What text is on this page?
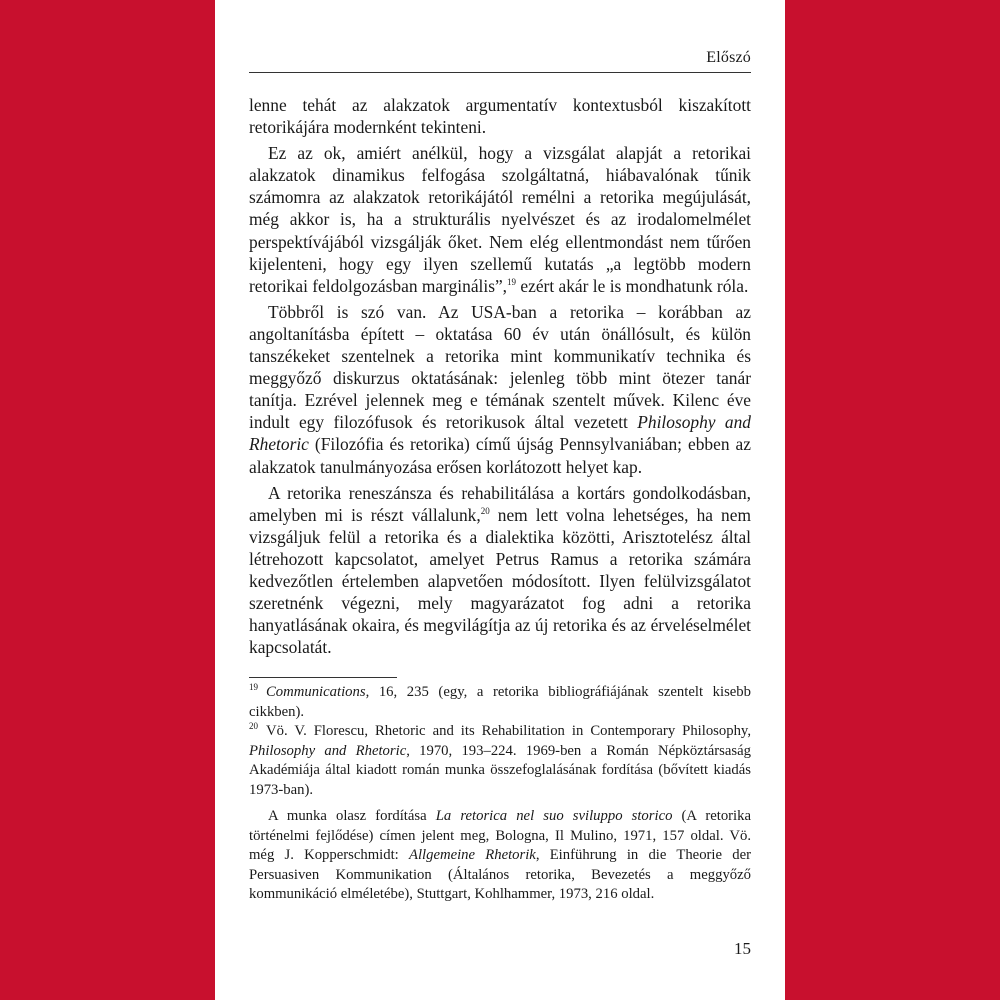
Előszó

lenne tehát az alakzatok argumentatív kontextusból kiszakított retorikájára modernként tekinteni.

Ez az ok, amiért anélkül, hogy a vizsgálat alapját a retorikai alakzatok dinamikus felfogása szolgáltatná, hiábavalónak tűnik számomra az alakzatok retorikájától remélni a retorika megújulását, még akkor is, ha a strukturális nyelvészet és az irodalomelmélet perspektívájából vizsgálják őket. Nem elég ellentmondást nem tűrően kijelenteni, hogy egy ilyen szellemű kutatás „a legtöbb modern retorikai feldolgozásban marginális”,$^{19}$ ezért akár le is mondhatunk róla.

Többről is szó van. Az USA-ban a retorika – korábban az angoltanításba épített – oktatása 60 év után önállósult, és külön tanszékeket szentelnek a retorika mint kommunikatív technika és meggyőző diskurzus oktatásának: jelenleg több mint ötezer tanár tanítja. Ezrével jelennek meg e témának szentelt művek. Kilenc éve indult egy filozófusok és retorikusok által vezetett Philosophy and Rhetoric (Filozófia és retorika) című újság Pennsylvaniában; ebben az alakzatok tanulmányozása erősen korlátozott helyet kap.

A retorika reneszánsza és rehabilitálása a kortárs gondolkodásban, amelyben mi is részt vállalunk,$^{20}$ nem lett volna lehetséges, ha nem vizsgáljuk felül a retorika és a dialektika közötti, Arisztotelész által létrehozott kapcsolatot, amelyet Petrus Ramus a retorika számára kedvezőtlen értelemben alapvetően módosított. Ilyen felülvizsgálatot szeretnénk végezni, mely magyarázatot fog adni a retorika hanyatlásának okaira, és megvilágítja az új retorika és az érveléselmélet kapcsolatát.

$^{19}$ Communications, 16, 235 (egy, a retorika bibliográfiájának szentelt kisebb cikkben).

$^{20}$ Vö. V. Florescu, Rhetoric and its Rehabilitation in Contemporary Philosophy, Philosophy and Rhetoric, 1970, 193–224. 1969-ben a Román Népköztársaság Akadémiája által kiadott román munka összefoglalásának fordítása (bővített kiadás 1973-ban).

A munka olasz fordítása La retorica nel suo sviluppo storico (A retorika történelmi fejlődése) címen jelent meg, Bologna, Il Mulino, 1971, 157 oldal. Vö. még J. Kopperschmidt: Allgemeine Rhetorik, Einführung in die Theorie der Persuasiven Kommunikation (Általános retorika, Bevezetés a meggyőző kommunikáció elméletébe), Stuttgart, Kohlhammer, 1973, 216 oldal.

15
